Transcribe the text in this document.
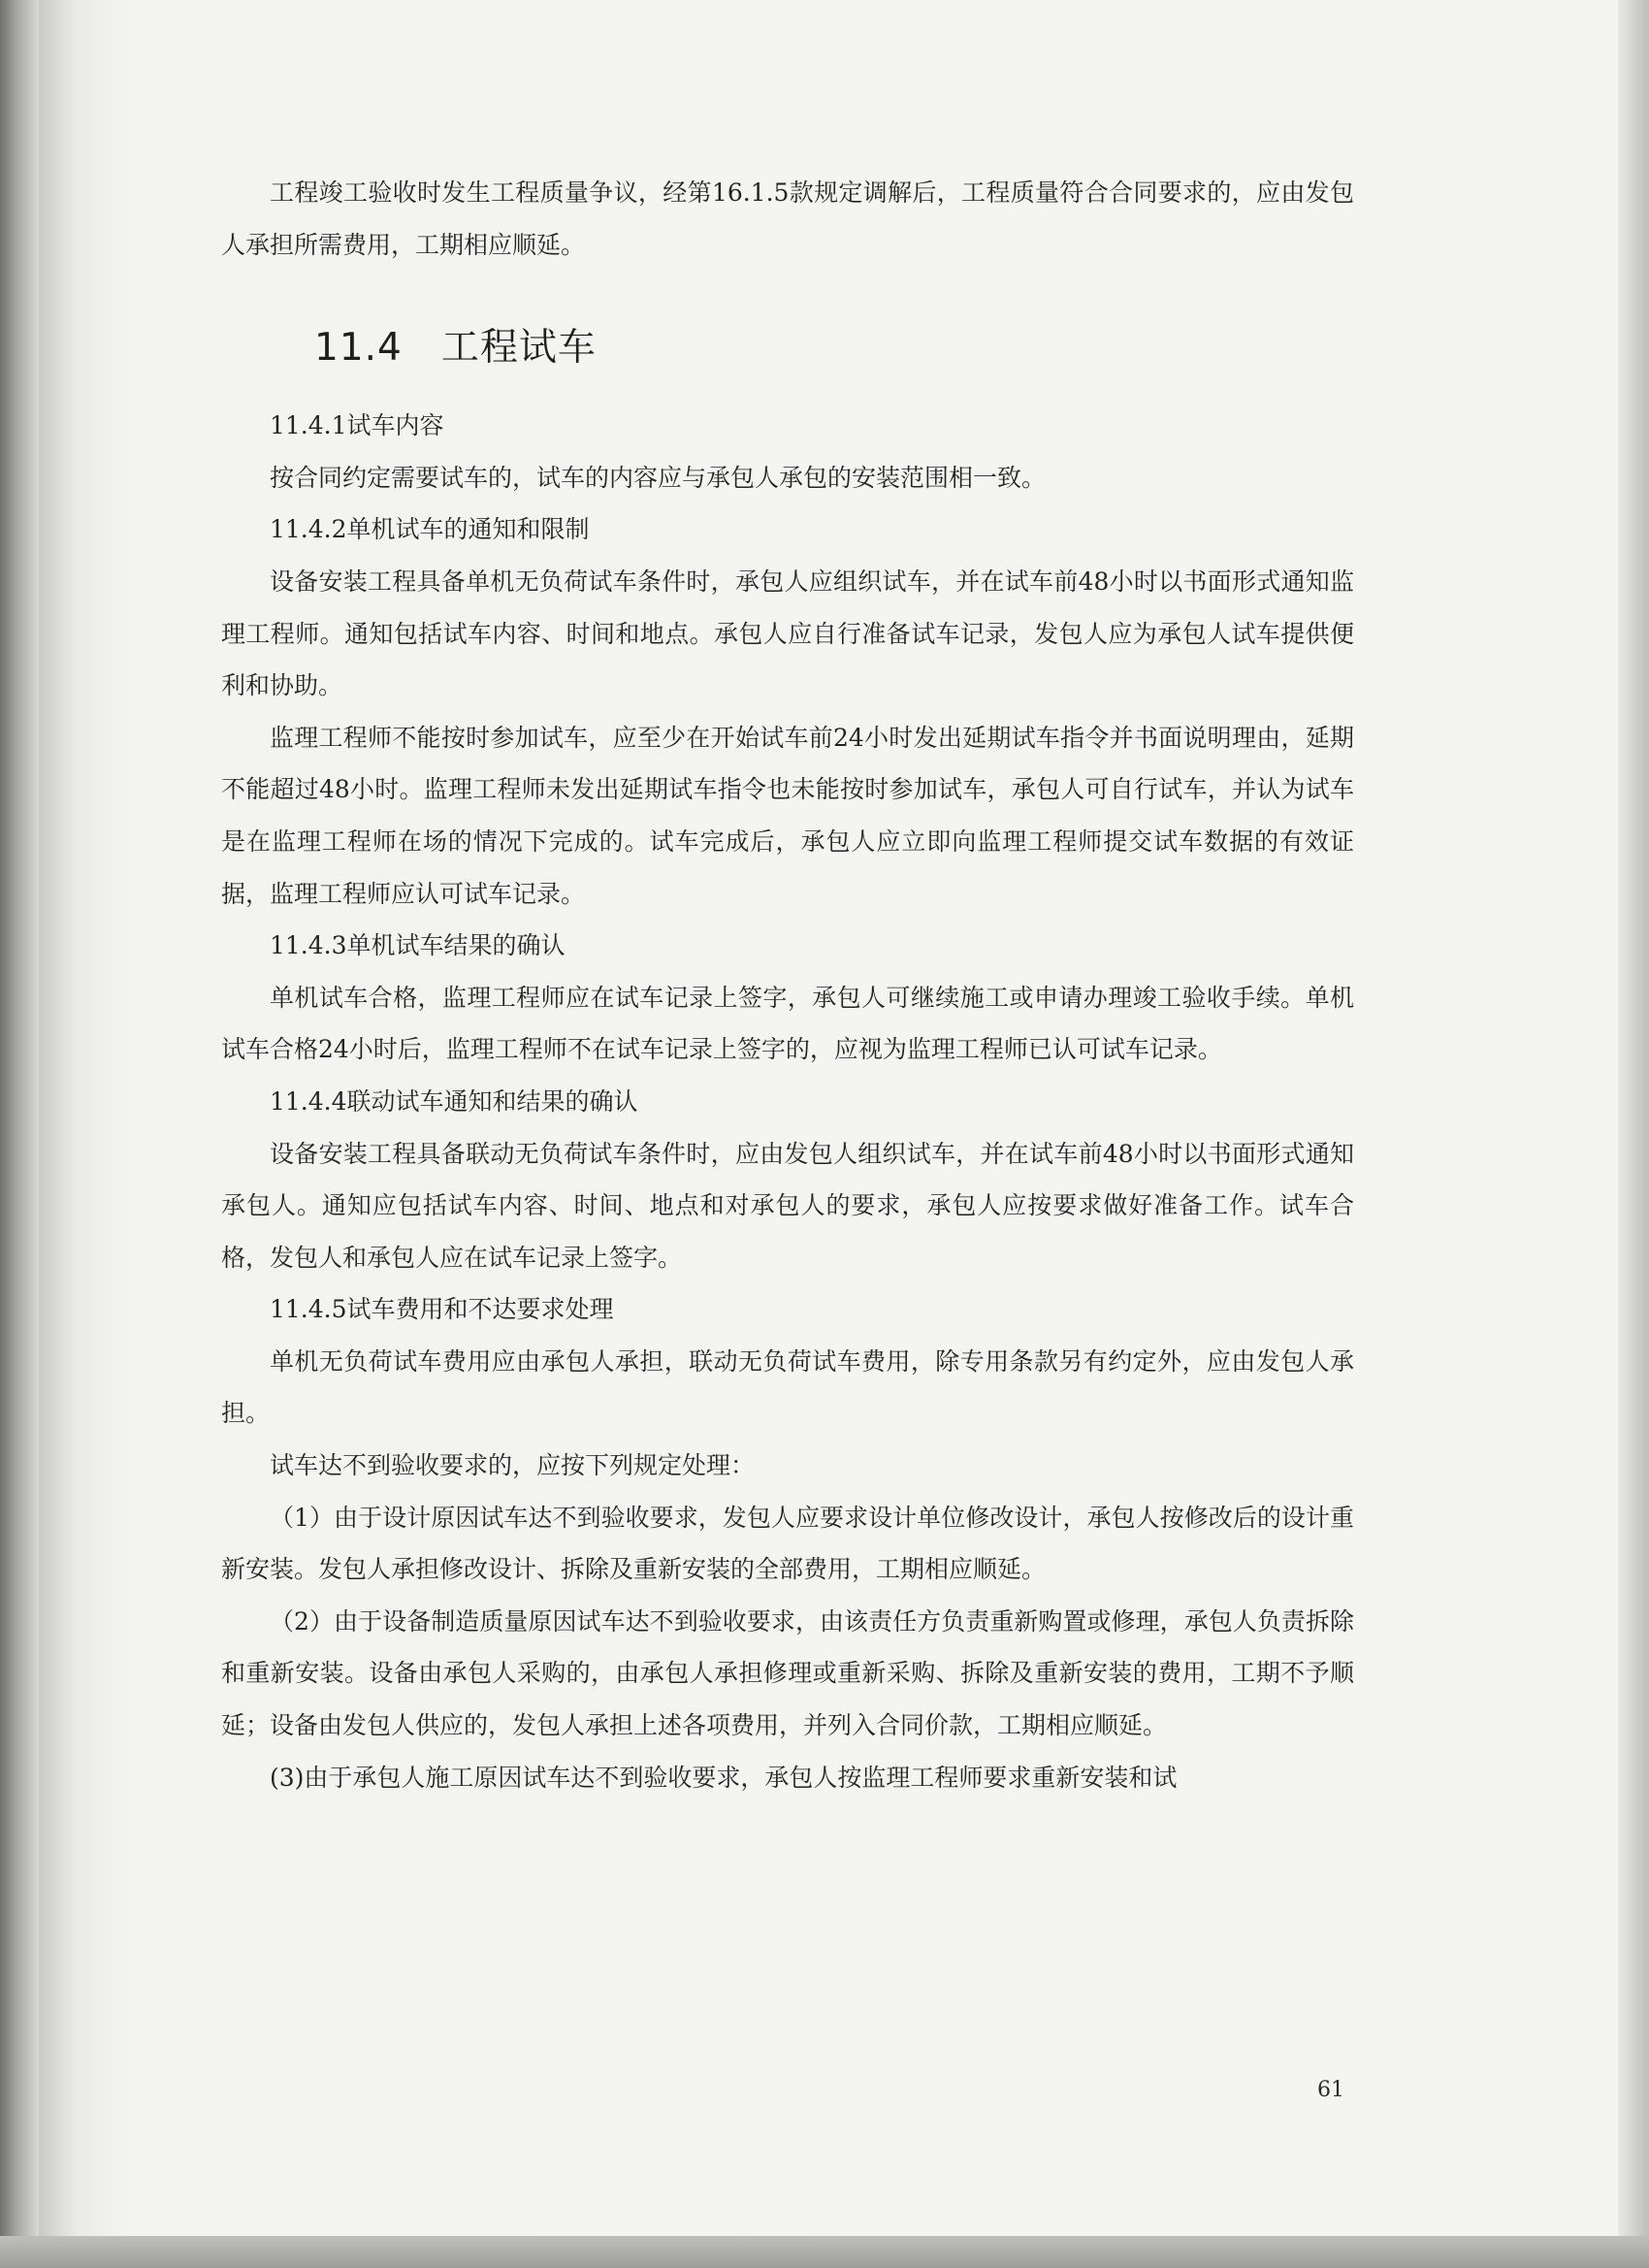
工程竣工验收时发生工程质量争议，经第16.1.5款规定调解后，工程质量符合合同要求的，应由发包人承担所需费用，工期相应顺延。

11.4　工程试车

11.4.1试车内容

按合同约定需要试车的，试车的内容应与承包人承包的安装范围相一致。

11.4.2单机试车的通知和限制

设备安装工程具备单机无负荷试车条件时，承包人应组织试车，并在试车前48小时以书面形式通知监理工程师。通知包括试车内容、时间和地点。承包人应自行准备试车记录，发包人应为承包人试车提供便利和协助。

监理工程师不能按时参加试车，应至少在开始试车前24小时发出延期试车指令并书面说明理由，延期不能超过48小时。监理工程师未发出延期试车指令也未能按时参加试车，承包人可自行试车，并认为试车是在监理工程师在场的情况下完成的。试车完成后，承包人应立即向监理工程师提交试车数据的有效证据，监理工程师应认可试车记录。

11.4.3单机试车结果的确认

单机试车合格，监理工程师应在试车记录上签字，承包人可继续施工或申请办理竣工验收手续。单机试车合格24小时后，监理工程师不在试车记录上签字的，应视为监理工程师已认可试车记录。

11.4.4联动试车通知和结果的确认

设备安装工程具备联动无负荷试车条件时，应由发包人组织试车，并在试车前48小时以书面形式通知承包人。通知应包括试车内容、时间、地点和对承包人的要求，承包人应按要求做好准备工作。试车合格，发包人和承包人应在试车记录上签字。

11.4.5试车费用和不达要求处理

单机无负荷试车费用应由承包人承担，联动无负荷试车费用，除专用条款另有约定外，应由发包人承担。

试车达不到验收要求的，应按下列规定处理：

（1）由于设计原因试车达不到验收要求，发包人应要求设计单位修改设计，承包人按修改后的设计重新安装。发包人承担修改设计、拆除及重新安装的全部费用，工期相应顺延。

（2）由于设备制造质量原因试车达不到验收要求，由该责任方负责重新购置或修理，承包人负责拆除和重新安装。设备由承包人采购的，由承包人承担修理或重新采购、拆除及重新安装的费用，工期不予顺延；设备由发包人供应的，发包人承担上述各项费用，并列入合同价款，工期相应顺延。

(3)由于承包人施工原因试车达不到验收要求，承包人按监理工程师要求重新安装和试

61
